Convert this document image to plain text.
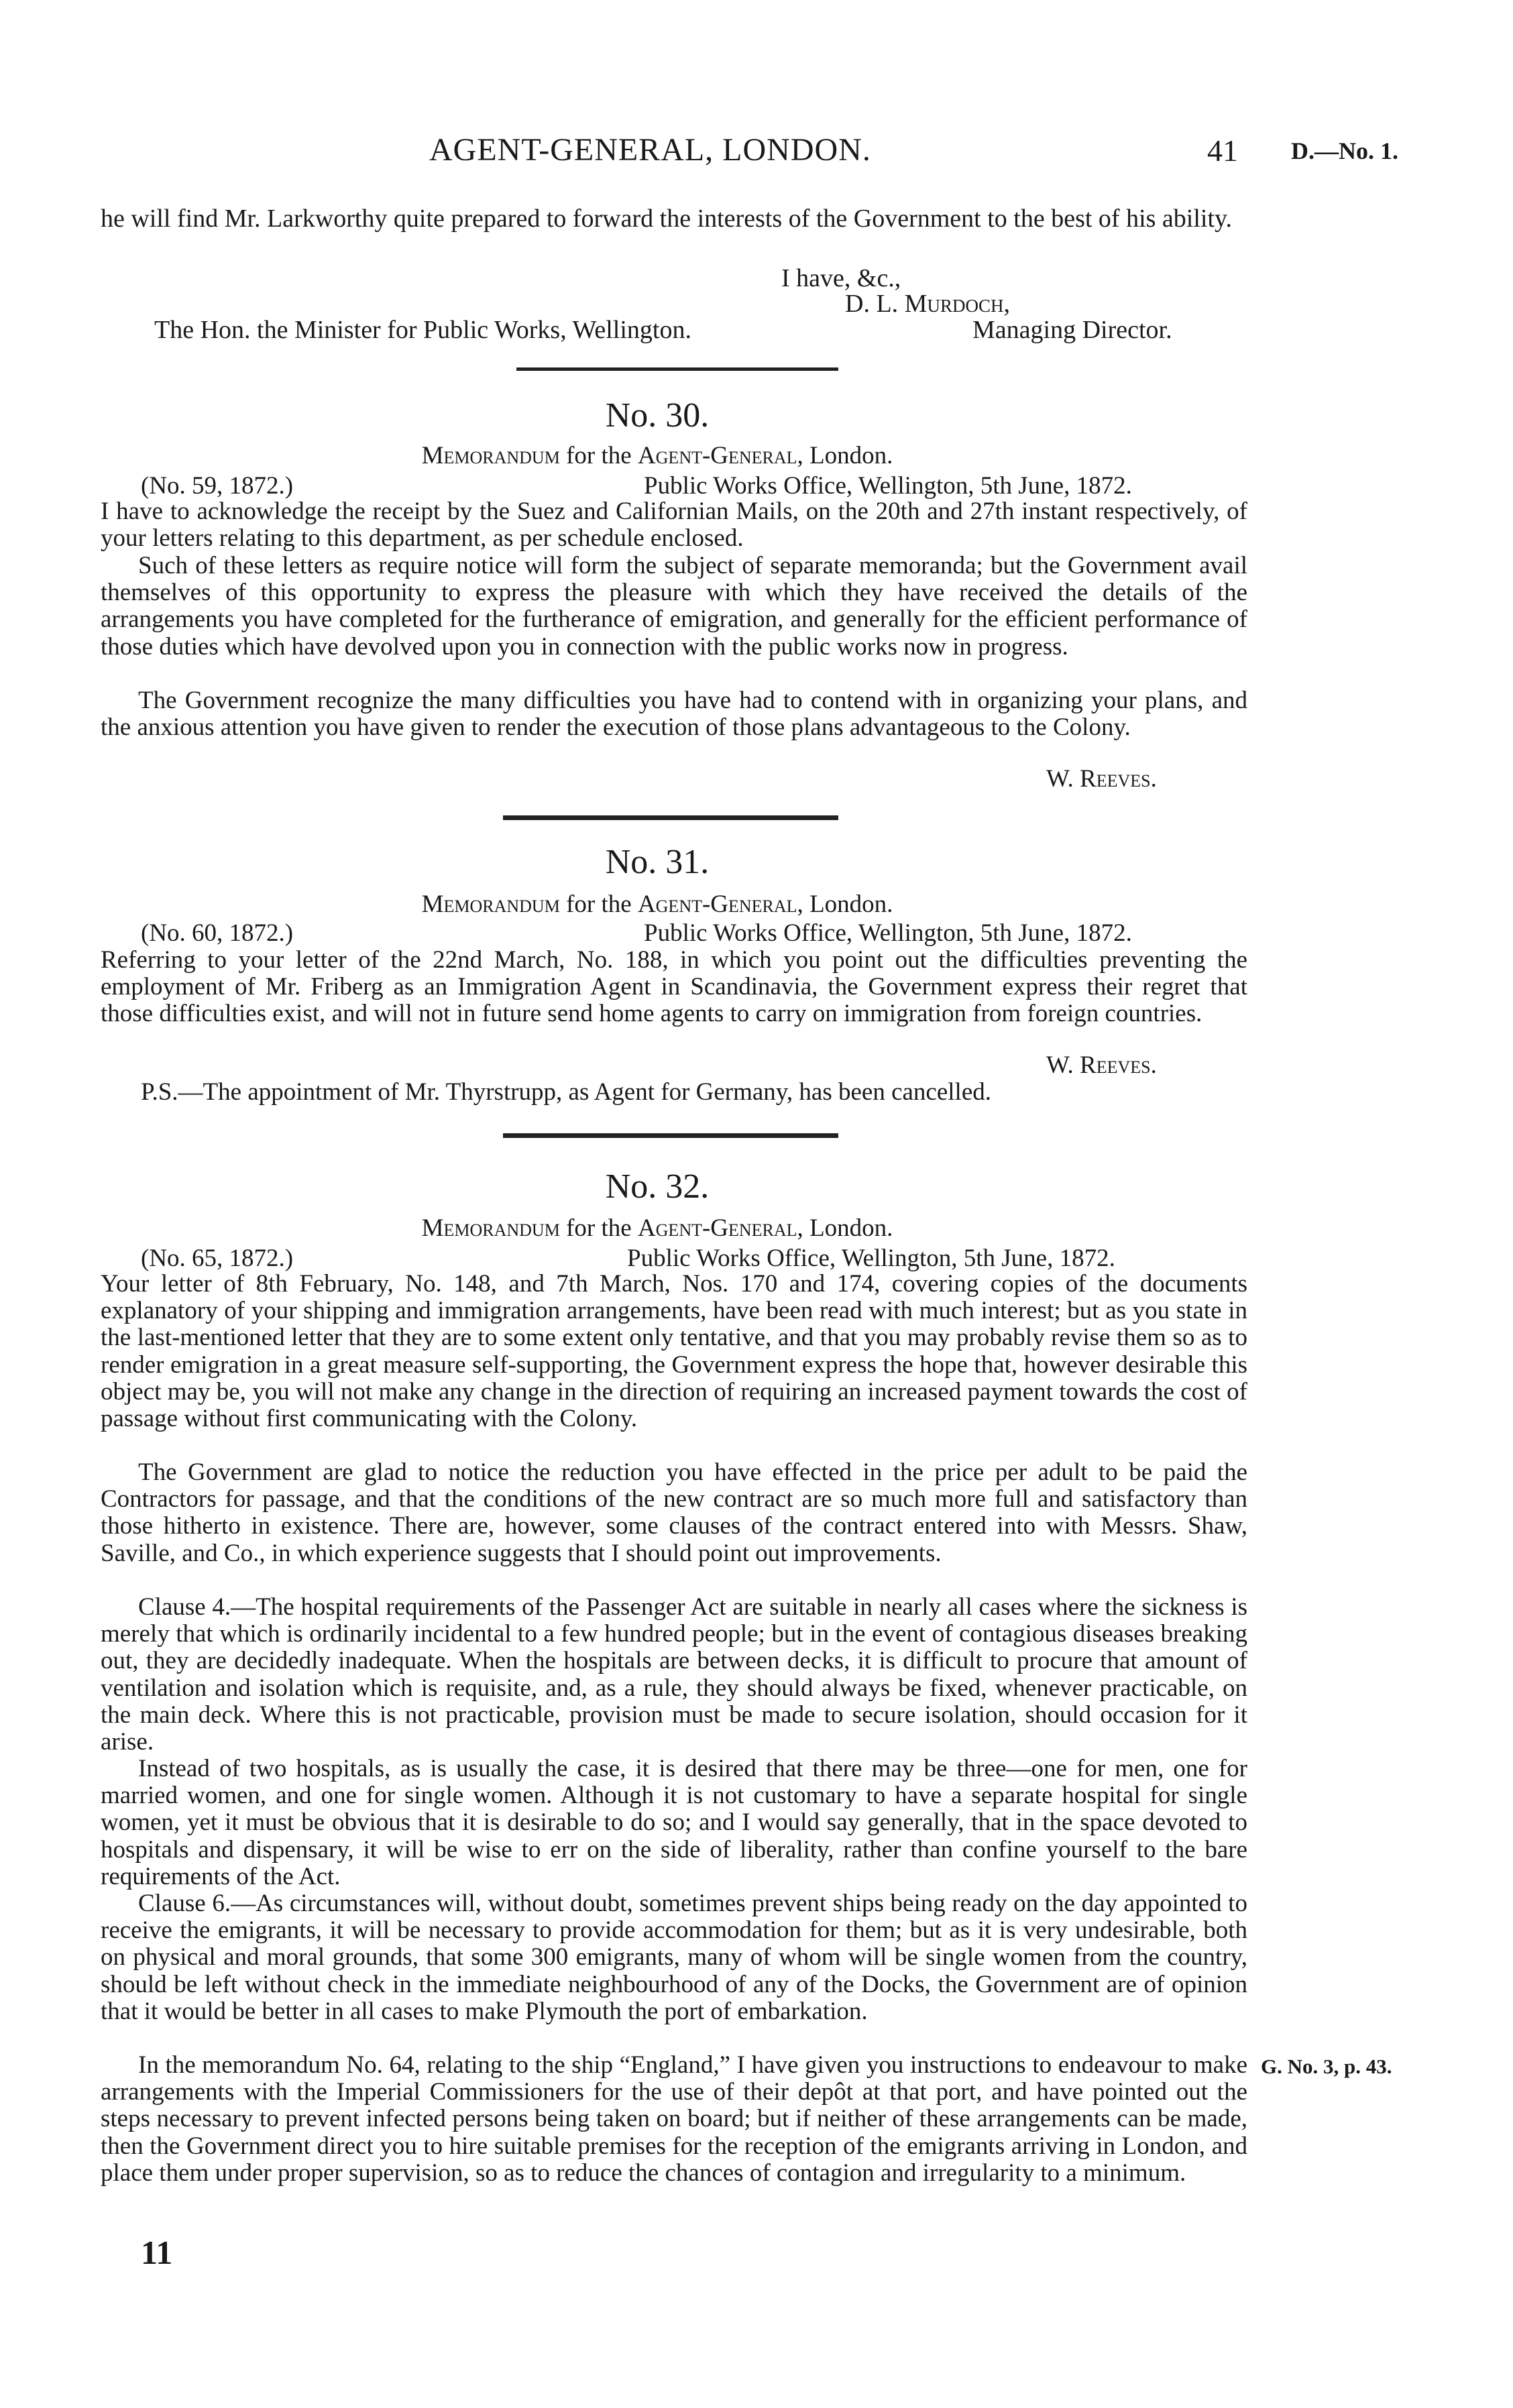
AGENT-GENERAL, LONDON.	41 D.—No. 1.
he will find Mr. Larkworthy quite prepared to forward the interests of the Government to the best of his ability.
I have, &c.,
D. L. Murdoch,
The Hon. the Minister for Public Works, Wellington.	Managing Director.
No. 30.
Memorandum for the Agent-General, London.
(No. 59, 1872.)	Public Works Office, Wellington, 5th June, 1872.
I have to acknowledge the receipt by the Suez and Californian Mails, on the 20th and 27th instant respectively, of your letters relating to this department, as per schedule enclosed.
Such of these letters as require notice will form the subject of separate memoranda; but the Government avail themselves of this opportunity to express the pleasure with which they have received the details of the arrangements you have completed for the furtherance of emigration, and generally for the efficient performance of those duties which have devolved upon you in connection with the public works now in progress.
The Government recognize the many difficulties you have had to contend with in organizing your plans, and the anxious attention you have given to render the execution of those plans advantageous to the Colony.
W. Reeves.
No. 31.
Memorandum for the Agent-General, London.
(No. 60, 1872.)	Public Works Office, Wellington, 5th June, 1872.
Referring to your letter of the 22nd March, No. 188, in which you point out the difficulties preventing the employment of Mr. Friberg as an Immigration Agent in Scandinavia, the Government express their regret that those difficulties exist, and will not in future send home agents to carry on immigration from foreign countries.
W. Reeves.
P.S.—The appointment of Mr. Thyrstrupp, as Agent for Germany, has been cancelled.
No. 32.
Memorandum for the Agent-General, London.
(No. 65, 1872.)	Public Works Office, Wellington, 5th June, 1872.
Your letter of 8th February, No. 148, and 7th March, Nos. 170 and 174, covering copies of the documents explanatory of your shipping and immigration arrangements, have been read with much interest; but as you state in the last-mentioned letter that they are to some extent only tentative, and that you may probably revise them so as to render emigration in a great measure self-supporting, the Government express the hope that, however desirable this object may be, you will not make any change in the direction of requiring an increased payment towards the cost of passage without first communicating with the Colony.
The Government are glad to notice the reduction you have effected in the price per adult to be paid the Contractors for passage, and that the conditions of the new contract are so much more full and satisfactory than those hitherto in existence. There are, however, some clauses of the contract entered into with Messrs. Shaw, Saville, and Co., in which experience suggests that I should point out improvements.
Clause 4.—The hospital requirements of the Passenger Act are suitable in nearly all cases where the sickness is merely that which is ordinarily incidental to a few hundred people; but in the event of contagious diseases breaking out, they are decidedly inadequate. When the hospitals are between decks, it is difficult to procure that amount of ventilation and isolation which is requisite, and, as a rule, they should always be fixed, whenever practicable, on the main deck. Where this is not practicable, provision must be made to secure isolation, should occasion for it arise.
Instead of two hospitals, as is usually the case, it is desired that there may be three—one for men, one for married women, and one for single women. Although it is not customary to have a separate hospital for single women, yet it must be obvious that it is desirable to do so; and I would say generally, that in the space devoted to hospitals and dispensary, it will be wise to err on the side of liberality, rather than confine yourself to the bare requirements of the Act.
Clause 6.—As circumstances will, without doubt, sometimes prevent ships being ready on the day appointed to receive the emigrants, it will be necessary to provide accommodation for them; but as it is very undesirable, both on physical and moral grounds, that some 300 emigrants, many of whom will be single women from the country, should be left without check in the immediate neighbourhood of any of the Docks, the Government are of opinion that it would be better in all cases to make Plymouth the port of embarkation.
In the memorandum No. 64, relating to the ship “England,” I have given you instructions to endeavour to make arrangements with the Imperial Commissioners for the use of their depôt at that port, and have pointed out the steps necessary to prevent infected persons being taken on board; but if neither of these arrangements can be made, then the Government direct you to hire suitable premises for the reception of the emigrants arriving in London, and place them under proper supervision, so as to reduce the chances of contagion and irregularity to a minimum.
G. No. 3, p. 43.
11
